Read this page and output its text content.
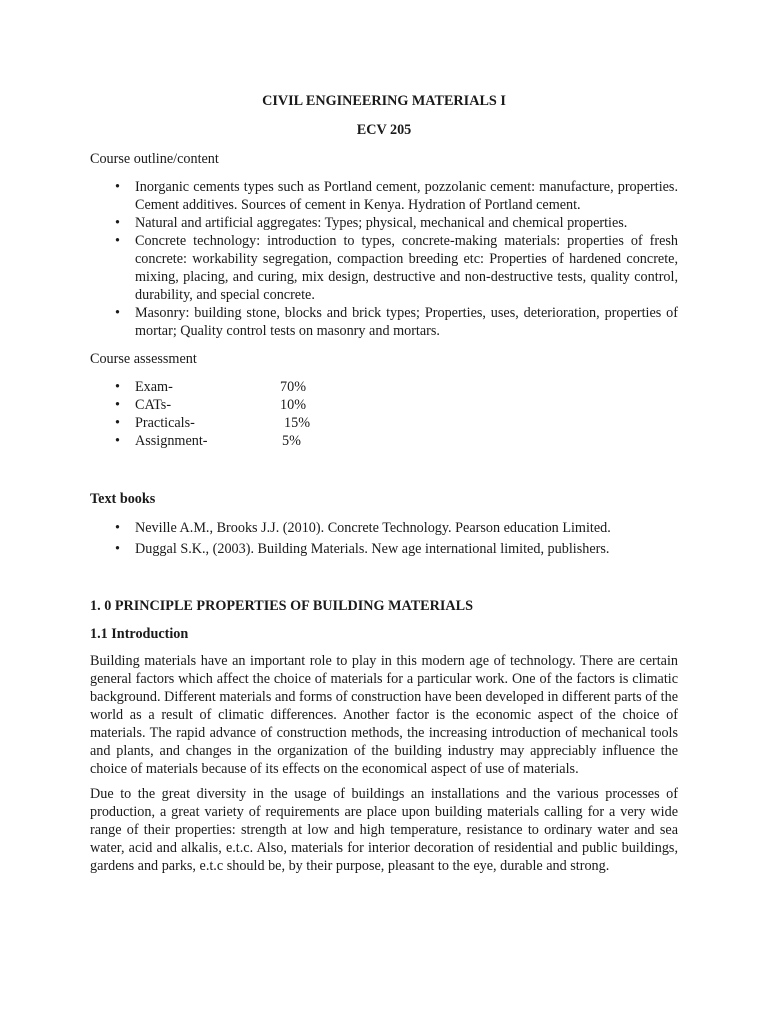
CIVIL ENGINEERING MATERIALS I
ECV 205
Course outline/content
• Inorganic cements types such as Portland cement, pozzolanic cement: manufacture, properties. Cement additives. Sources of cement in Kenya. Hydration of Portland cement.
• Natural and artificial aggregates: Types; physical, mechanical and chemical properties.
• Concrete technology: introduction to types, concrete-making materials: properties of fresh concrete: workability segregation, compaction breeding etc: Properties of hardened concrete, mixing, placing, and curing, mix design, destructive and non-destructive tests, quality control, durability, and special concrete.
• Masonry: building stone, blocks and brick types; Properties, uses, deterioration, properties of mortar; Quality control tests on masonry and mortars.
Course assessment
• Exam-	70%
• CATs-	10%
• Practicals-	15%
• Assignment-	5%
Text books
• Neville A.M., Brooks J.J. (2010). Concrete Technology. Pearson education Limited.
• Duggal S.K., (2003). Building Materials. New age international limited, publishers.
1. 0 PRINCIPLE PROPERTIES OF BUILDING MATERIALS
1.1 Introduction
Building materials have an important role to play in this modern age of technology. There are certain general factors which affect the choice of materials for a particular work. One of the factors is climatic background. Different materials and forms of construction have been developed in different parts of the world as a result of climatic differences. Another factor is the economic aspect of the choice of materials. The rapid advance of construction methods, the increasing introduction of mechanical tools and plants, and changes in the organization of the building industry may appreciably influence the choice of materials because of its effects on the economical aspect of use of materials.
Due to the great diversity in the usage of buildings an installations and the various processes of production, a great variety of requirements are place upon building materials calling for a very wide range of their properties: strength at low and high temperature, resistance to ordinary water and sea water, acid and alkalis, e.t.c. Also, materials for interior decoration of residential and public buildings, gardens and parks, e.t.c should be, by their purpose, pleasant to the eye, durable and strong.
